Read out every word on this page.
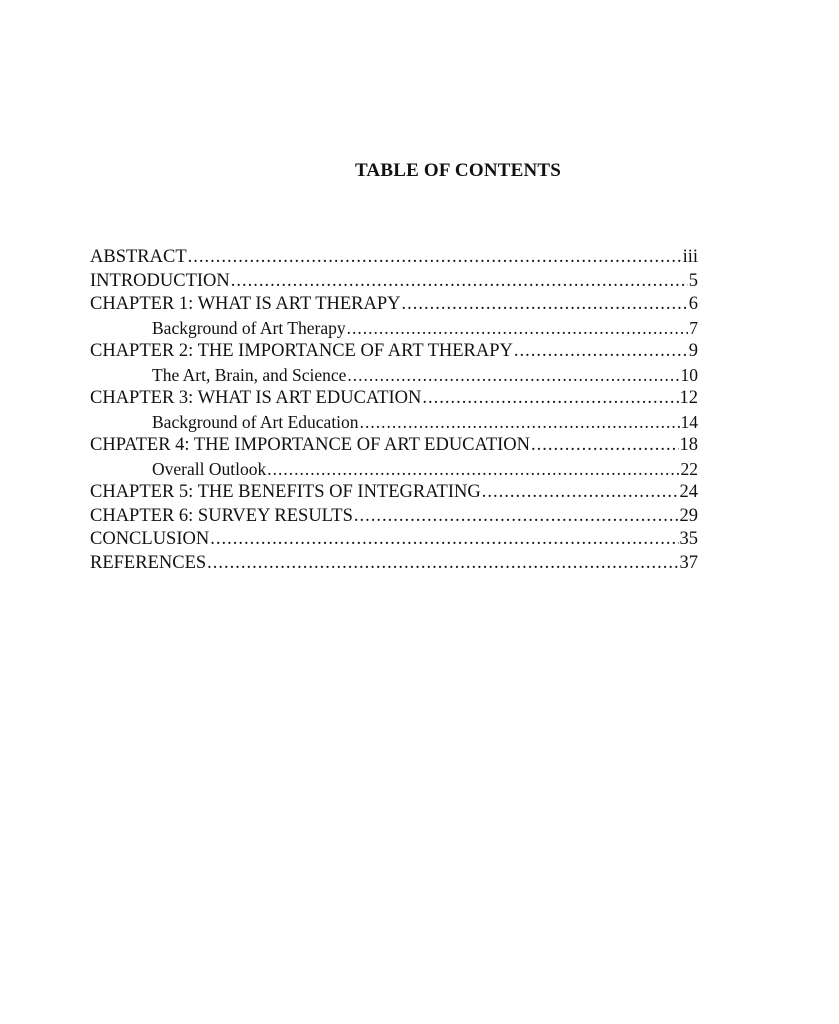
TABLE OF CONTENTS
ABSTRACT .....	iii
INTRODUCTION .....	5
CHAPTER 1: WHAT IS ART THERAPY .....	6
Background of Art Therapy .....	7
CHAPTER 2: THE IMPORTANCE OF ART THERAPY .....	9
The Art, Brain, and Science .....	10
CHAPTER 3: WHAT IS ART EDUCATION .....	12
Background of Art Education .....	14
CHPATER 4: THE IMPORTANCE OF ART EDUCATION .....	18
Overall Outlook .....	22
CHAPTER 5: THE BENEFITS OF INTEGRATING .....	24
CHAPTER 6: SURVEY RESULTS .....	29
CONCLUSION .....	35
REFERENCES .....	37
